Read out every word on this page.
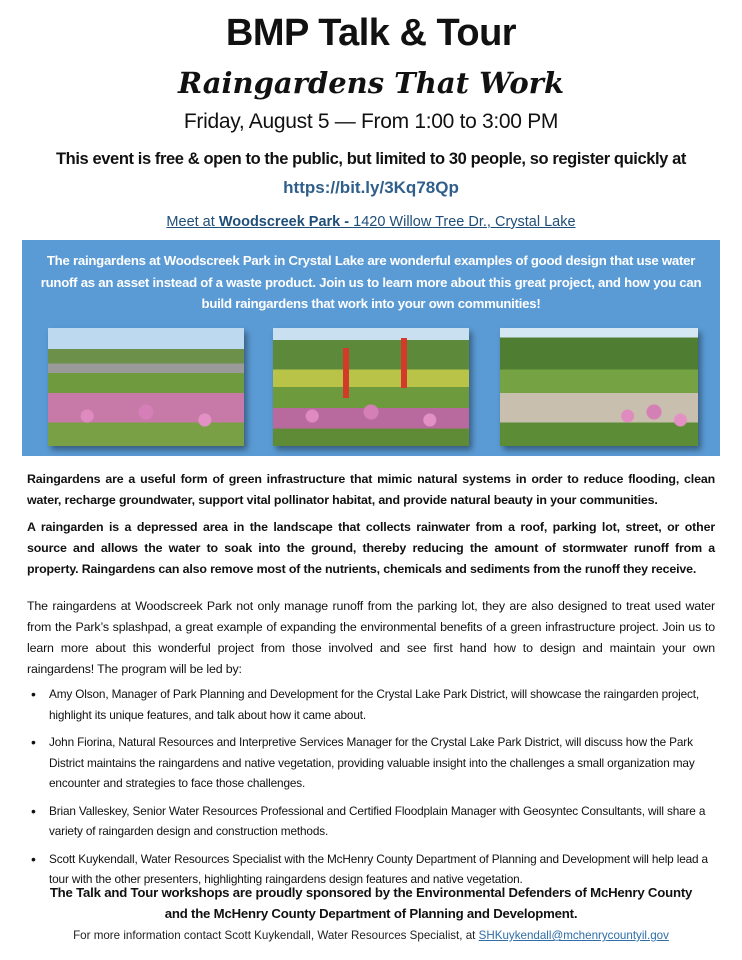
BMP Talk & Tour
Raingardens That Work
Friday, August 5 — From 1:00 to 3:00 PM
This event is free & open to the public, but limited to 30 people, so register quickly at
https://bit.ly/3Kq78Qp
Meet at Woodscreek Park - 1420 Willow Tree Dr., Crystal Lake
The raingardens at Woodscreek Park in Crystal Lake are wonderful examples of good design that use water runoff as an asset instead of a waste product. Join us to learn more about this great project, and how you can build raingardens that work into your own communities!
Raingardens are a useful form of green infrastructure that mimic natural systems in order to reduce flooding, clean water, recharge groundwater, support vital pollinator habitat, and provide natural beauty in your communities.
A raingarden is a depressed area in the landscape that collects rainwater from a roof, parking lot, street, or other source and allows the water to soak into the ground, thereby reducing the amount of stormwater runoff from a property. Raingardens can also remove most of the nutrients, chemicals and sediments from the runoff they receive.
The raingardens at Woodscreek Park not only manage runoff from the parking lot, they are also designed to treat used water from the Park’s splashpad, a great example of expanding the environmental benefits of a green infrastructure project. Join us to learn more about this wonderful project from those involved and see first hand how to design and maintain your own raingardens! The program will be led by:
• Amy Olson, Manager of Park Planning and Development for the Crystal Lake Park District, will showcase the raingarden project, highlight its unique features, and talk about how it came about.
• John Fiorina, Natural Resources and Interpretive Services Manager for the Crystal Lake Park District, will discuss how the Park District maintains the raingardens and native vegetation, providing valuable insight into the challenges a small organization may encounter and strategies to face those challenges.
• Brian Valleskey, Senior Water Resources Professional and Certified Floodplain Manager with Geosyntec Consultants, will share a variety of raingarden design and construction methods.
• Scott Kuykendall, Water Resources Specialist with the McHenry County Department of Planning and Development will help lead a tour with the other presenters, highlighting raingardens design features and native vegetation.
The Talk and Tour workshops are proudly sponsored by the Environmental Defenders of McHenry County
and the McHenry County Department of Planning and Development.
For more information contact Scott Kuykendall, Water Resources Specialist, at SHKuykendall@mchenrycountyil.gov
